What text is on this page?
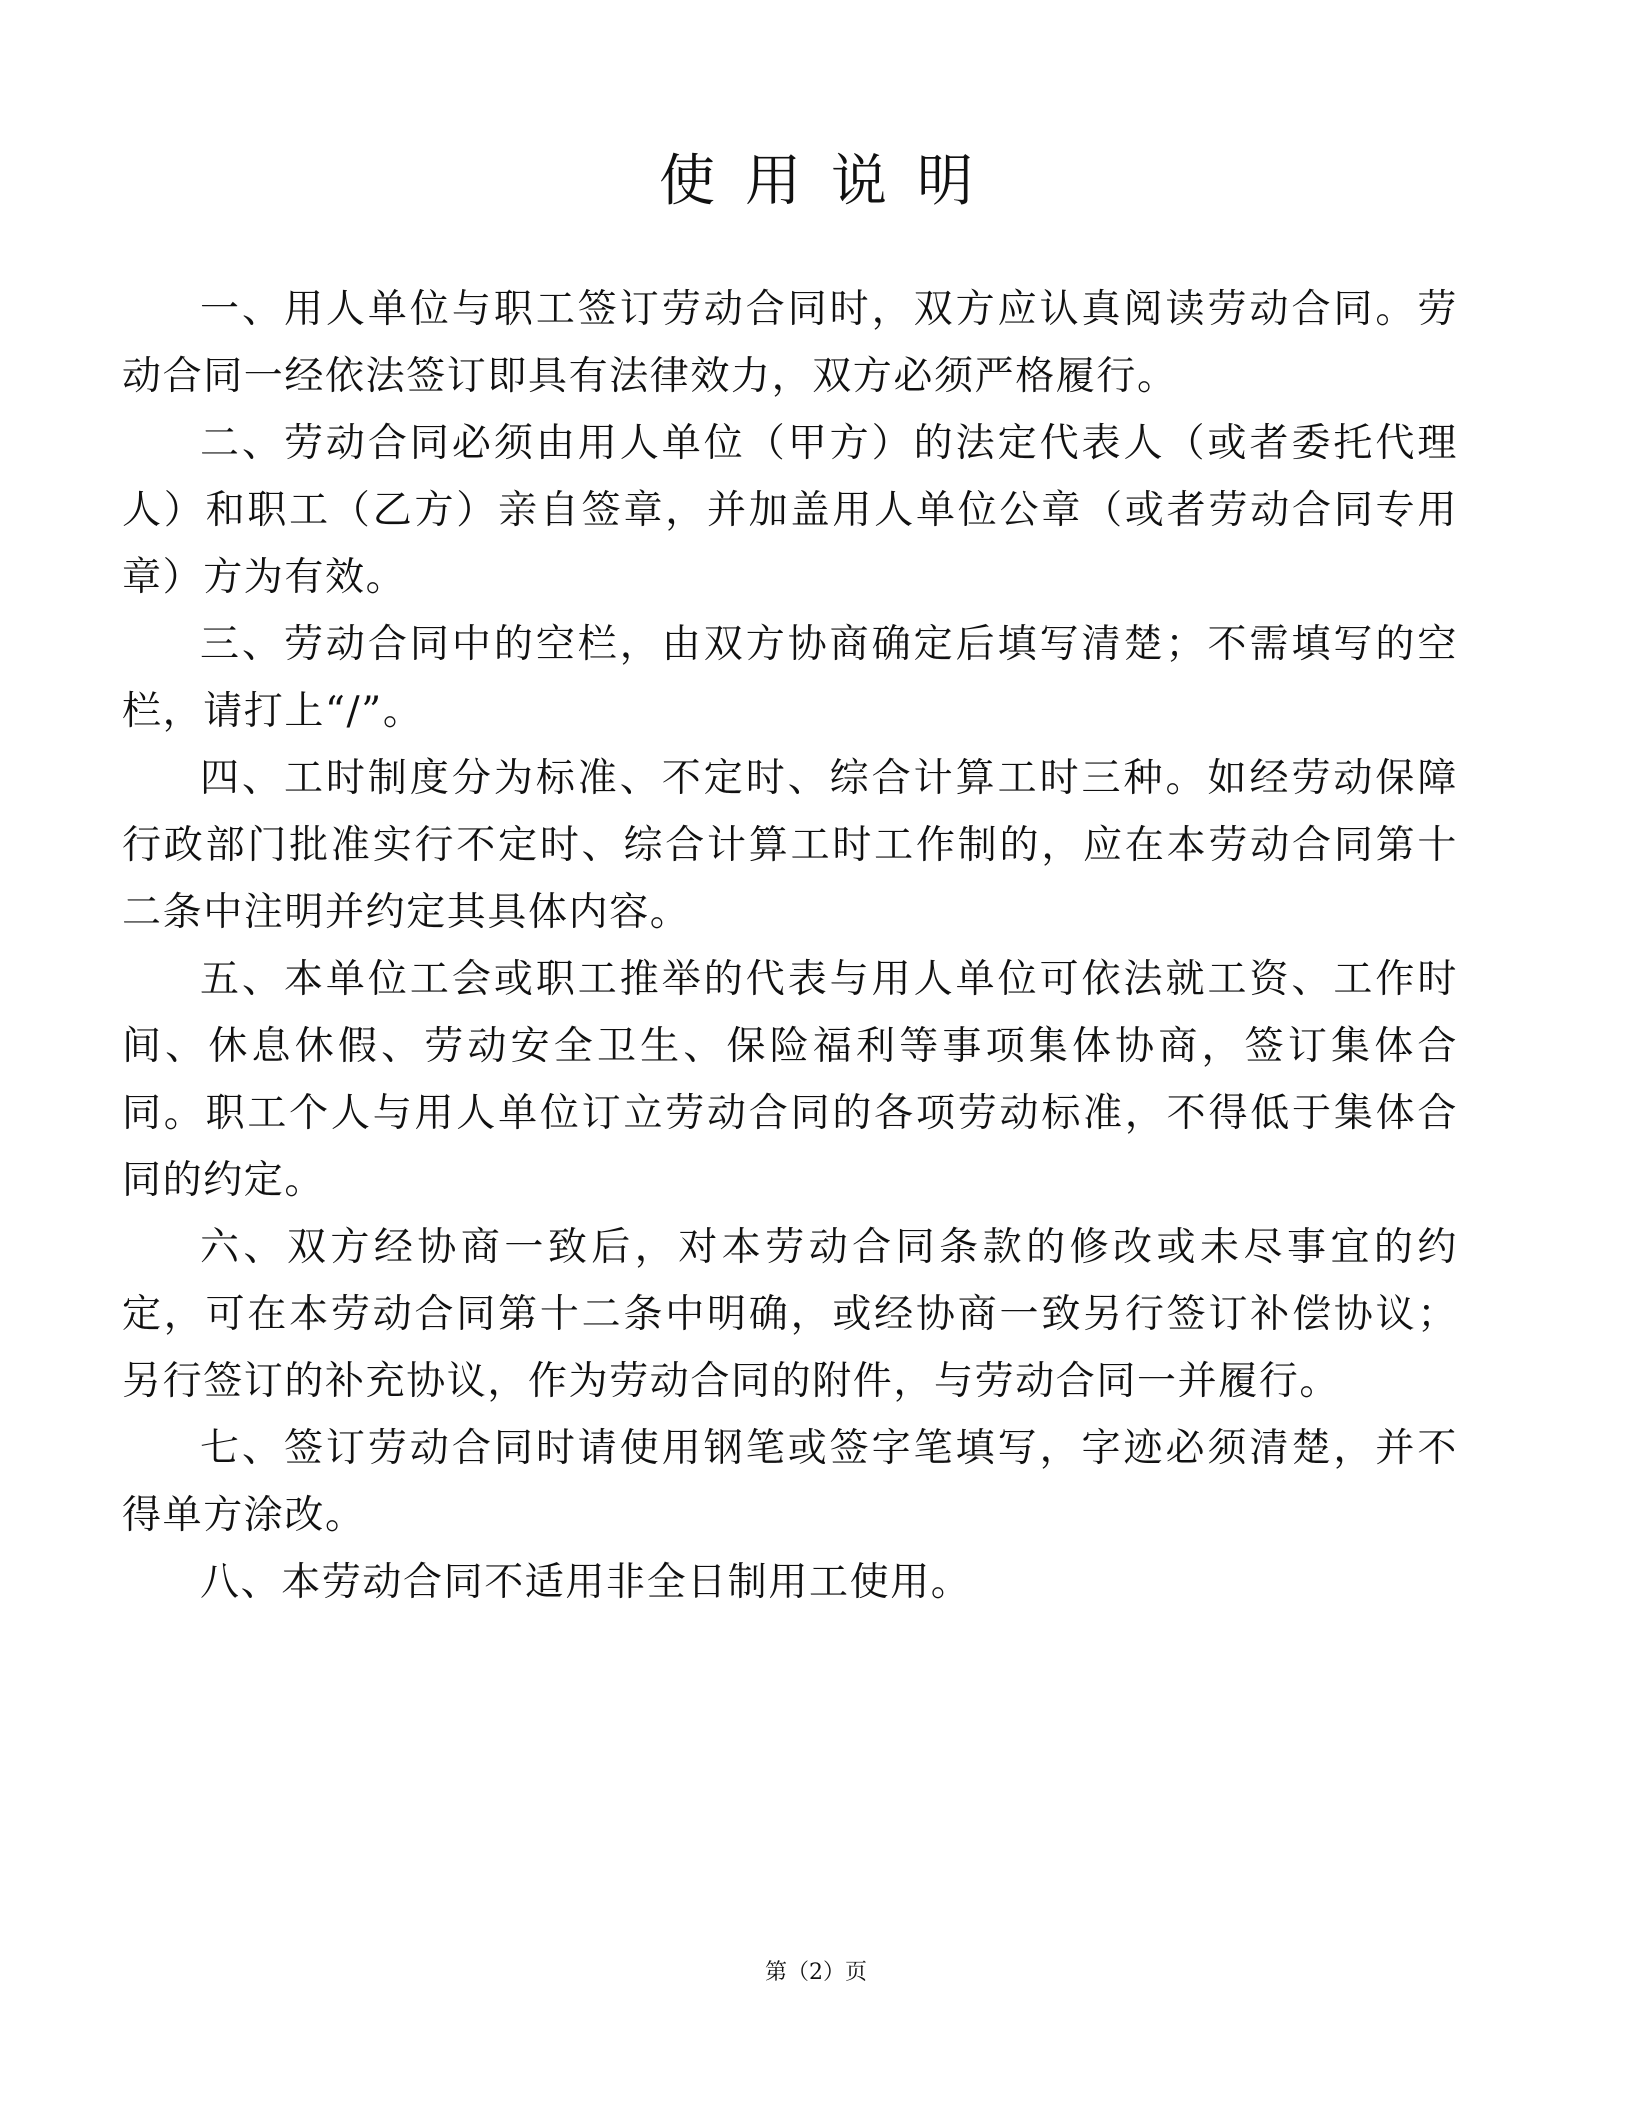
使用说明

一、用人单位与职工签订劳动合同时，双方应认真阅读劳动合同。劳动合同一经依法签订即具有法律效力，双方必须严格履行。

二、劳动合同必须由用人单位（甲方）的法定代表人（或者委托代理人）和职工（乙方）亲自签章，并加盖用人单位公章（或者劳动合同专用章）方为有效。

三、劳动合同中的空栏，由双方协商确定后填写清楚；不需填写的空栏，请打上“/”。

四、工时制度分为标准、不定时、综合计算工时三种。如经劳动保障行政部门批准实行不定时、综合计算工时工作制的，应在本劳动合同第十二条中注明并约定其具体内容。

五、本单位工会或职工推举的代表与用人单位可依法就工资、工作时间、休息休假、劳动安全卫生、保险福利等事项集体协商，签订集体合同。职工个人与用人单位订立劳动合同的各项劳动标准，不得低于集体合同的约定。

六、双方经协商一致后，对本劳动合同条款的修改或未尽事宜的约定，可在本劳动合同第十二条中明确，或经协商一致另行签订补偿协议；另行签订的补充协议，作为劳动合同的附件，与劳动合同一并履行。

七、签订劳动合同时请使用钢笔或签字笔填写，字迹必须清楚，并不得单方涂改。

八、本劳动合同不适用非全日制用工使用。

第（2）页
